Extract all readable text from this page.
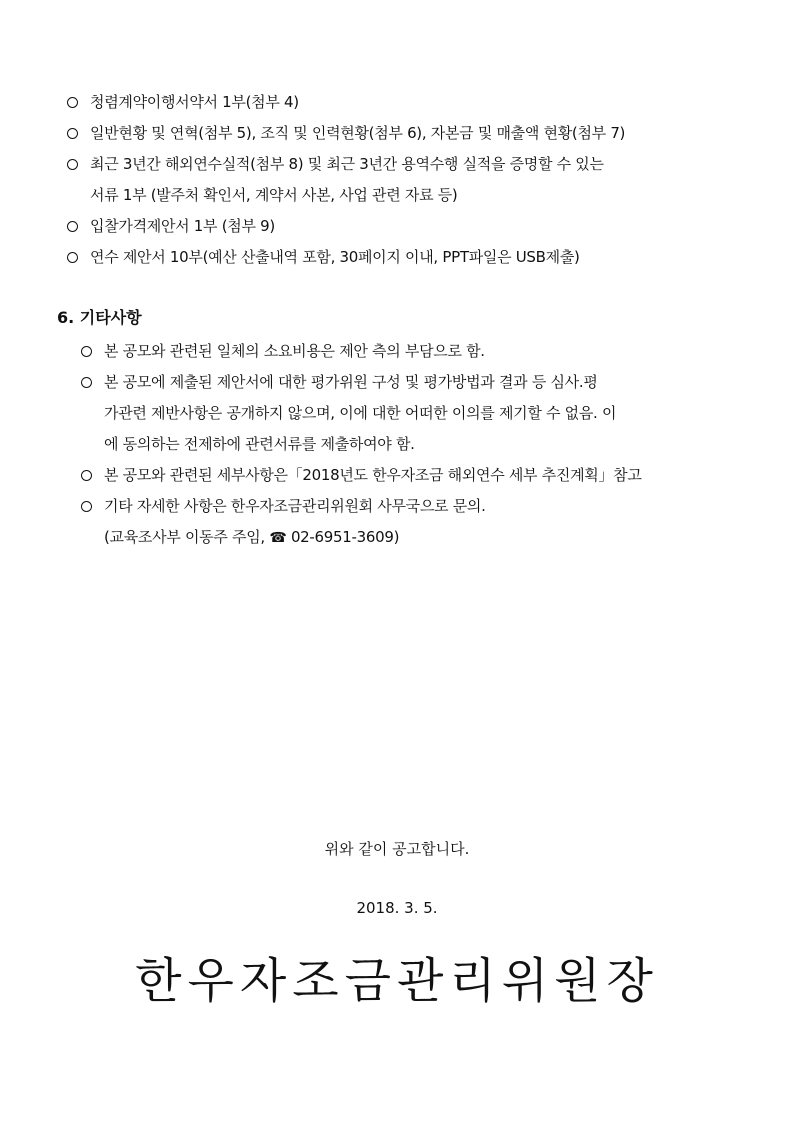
청렴계약이행서약서 1부(첨부 4)
일반현황 및 연혁(첨부 5), 조직 및 인력현황(첨부 6), 자본금 및 매출액 현황(첨부 7)
최근 3년간 해외연수실적(첨부 8) 및 최근 3년간 용역수행 실적을 증명할 수 있는
서류 1부 (발주처 확인서, 계약서 사본, 사업 관련 자료 등)
입찰가격제안서 1부 (첨부 9)
연수 제안서 10부(예산 산출내역 포함, 30페이지 이내, PPT파일은 USB제출)
6. 기타사항
본 공모와 관련된 일체의 소요비용은 제안 측의 부담으로 함.
본 공모에 제출된 제안서에 대한 평가위원 구성 및 평가방법과 결과 등 심사.평
가관련 제반사항은 공개하지 않으며, 이에 대한 어떠한 이의를 제기할 수 없음. 이
에 동의하는 전제하에 관련서류를 제출하여야 함.
본 공모와 관련된 세부사항은「2018년도 한우자조금 해외연수 세부 추진계획」참고
기타 자세한 사항은 한우자조금관리위원회 사무국으로 문의.
(교육조사부 이동주 주임, ☎ 02-6951-3609)
위와 같이 공고합니다.
2018. 3. 5.
한우자조금관리위원장
